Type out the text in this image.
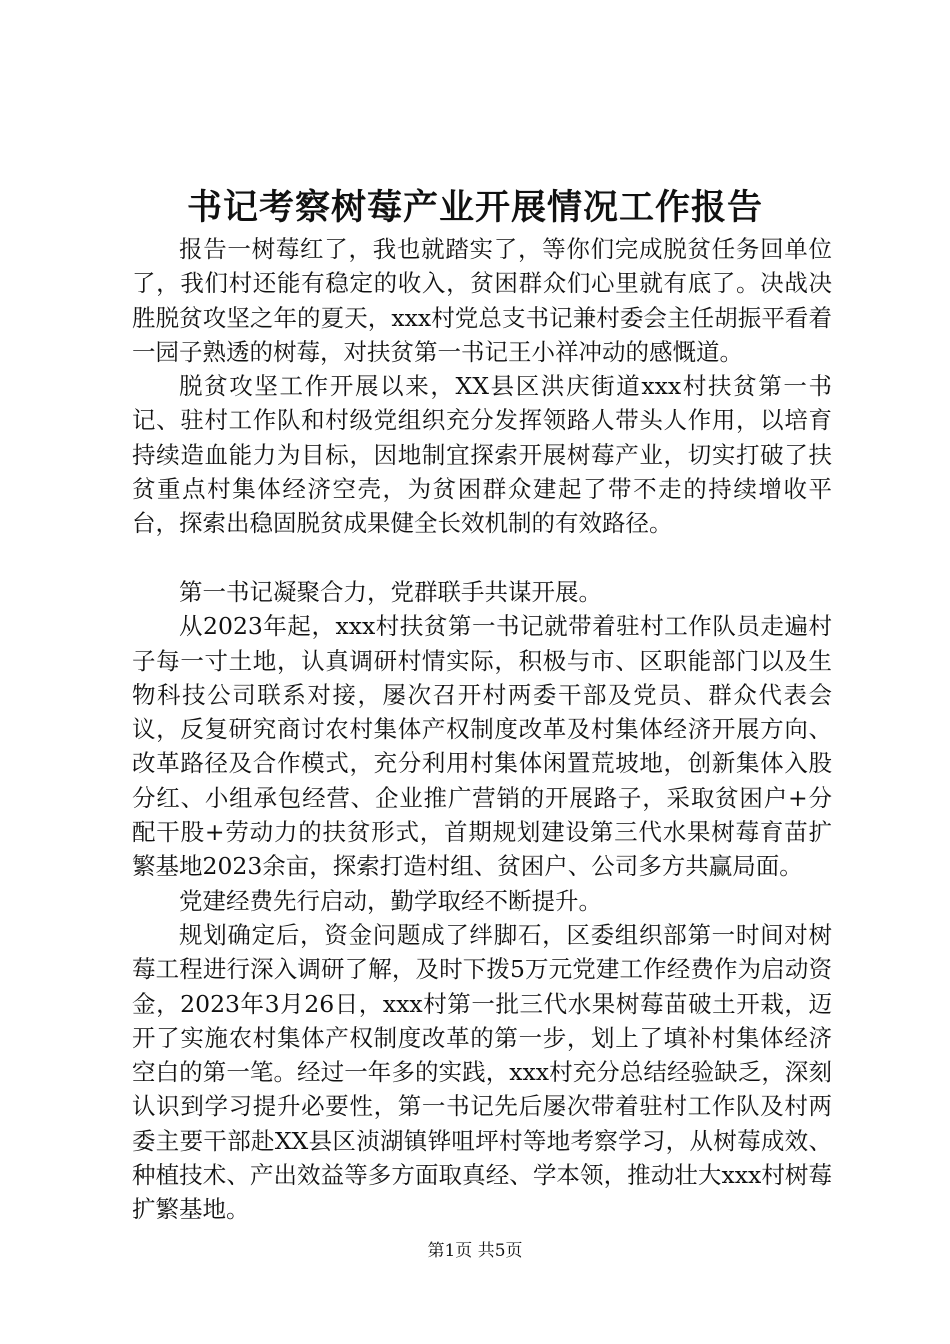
书记考察树莓产业开展情况工作报告

报告一树莓红了，我也就踏实了，等你们完成脱贫任务回单位了，我们村还能有稳定的收入，贫困群众们心里就有底了。决战决胜脱贫攻坚之年的夏天，xxx村党总支书记兼村委会主任胡振平看着一园子熟透的树莓，对扶贫第一书记王小祥冲动的感慨道。

脱贫攻坚工作开展以来，XX县区洪庆街道xxx村扶贫第一书记、驻村工作队和村级党组织充分发挥领路人带头人作用，以培育持续造血能力为目标，因地制宜探索开展树莓产业，切实打破了扶贫重点村集体经济空壳，为贫困群众建起了带不走的持续增收平台，探索出稳固脱贫成果健全长效机制的有效路径。

第一书记凝聚合力，党群联手共谋开展。

从2023年起，xxx村扶贫第一书记就带着驻村工作队员走遍村子每一寸土地，认真调研村情实际，积极与市、区职能部门以及生物科技公司联系对接，屡次召开村两委干部及党员、群众代表会议，反复研究商讨农村集体产权制度改革及村集体经济开展方向、改革路径及合作模式，充分利用村集体闲置荒坡地，创新集体入股分红、小组承包经营、企业推广营销的开展路子，采取贫困户+分配干股+劳动力的扶贫形式，首期规划建设第三代水果树莓育苗扩繁基地2023余亩，探索打造村组、贫困户、公司多方共赢局面。

党建经费先行启动，勤学取经不断提升。

规划确定后，资金问题成了绊脚石，区委组织部第一时间对树莓工程进行深入调研了解，及时下拨5万元党建工作经费作为启动资金，2023年3月26日，xxx村第一批三代水果树莓苗破土开栽，迈开了实施农村集体产权制度改革的第一步，划上了填补村集体经济空白的第一笔。经过一年多的实践，xxx村充分总结经验缺乏，深刻认识到学习提升必要性，第一书记先后屡次带着驻村工作队及村两委主要干部赴XX县区浈湖镇铧咀坪村等地考察学习，从树莓成效、种植技术、产出效益等多方面取真经、学本领，推动壮大xxx村树莓扩繁基地。

第1页 共5页
